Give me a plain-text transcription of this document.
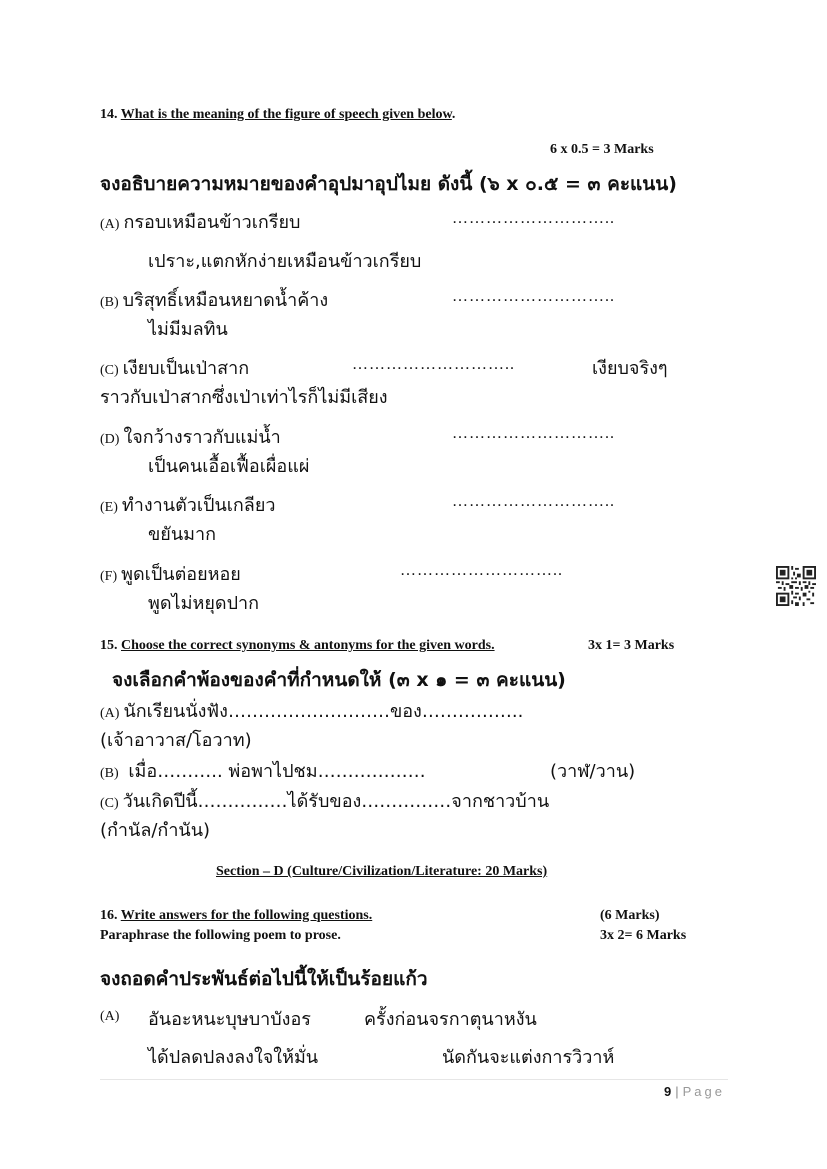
14. What is the meaning of the figure of speech given below.
6 x 0.5 = 3 Marks
จงอธิบายความหมายของคำอุปมาอุปไมย ดังนี้ (๖ x ๐.๕ = ๓ คะแนน)
(A) กรอบเหมือนข้าวเกรียบ	………………………..
เปราะ,แตกหักง่ายเหมือนข้าวเกรียบ
(B) บริสุทธิ์เหมือนหยาดน้ำค้าง	………………………..
ไม่มีมลทิน
(C) เงียบเป็นเป่าสาก	………………………..	เงียบจริงๆ
ราวกับเป่าสากซึ่งเป่าเท่าไรก็ไม่มีเสียง
(D) ใจกว้างราวกับแม่น้ำ	………………………..
เป็นคนเอื้อเฟื้อเผื่อแผ่
(E) ทำงานตัวเป็นเกลียว	………………………..
ขยันมาก
(F) พูดเป็นต่อยหอย	………………………..
พูดไม่หยุดปาก
15. Choose the correct synonyms & antonyms for the given words.	3x 1= 3 Marks
จงเลือกคำพ้องของคำที่กำหนดให้ (๓ x ๑ = ๓ คะแนน)
(A) นักเรียนนั่งฟัง………………………ของ……………..
(เจ้าอาวาส/โอวาท)
(B) เมื่อ……….. พ่อพาไปชม………………	(วาฬ/วาน)
(C) วันเกิดปีนี้……………ได้รับของ……………จากชาวบ้าน
(กำนัล/กำนัน)
Section – D (Culture/Civilization/Literature: 20 Marks)
16. Write answers for the following questions.	(6 Marks)
Paraphrase the following poem to prose.	3x 2= 6 Marks
จงถอดคำประพันธ์ต่อไปนี้ให้เป็นร้อยแก้ว
(A) อันอะหนะบุษบาบังอร	ครั้งก่อนจรกาตุนาหงัน
ได้ปลดปลงลงใจให้มั่น	นัดกันจะแต่งการวิวาห์
9 | Page
